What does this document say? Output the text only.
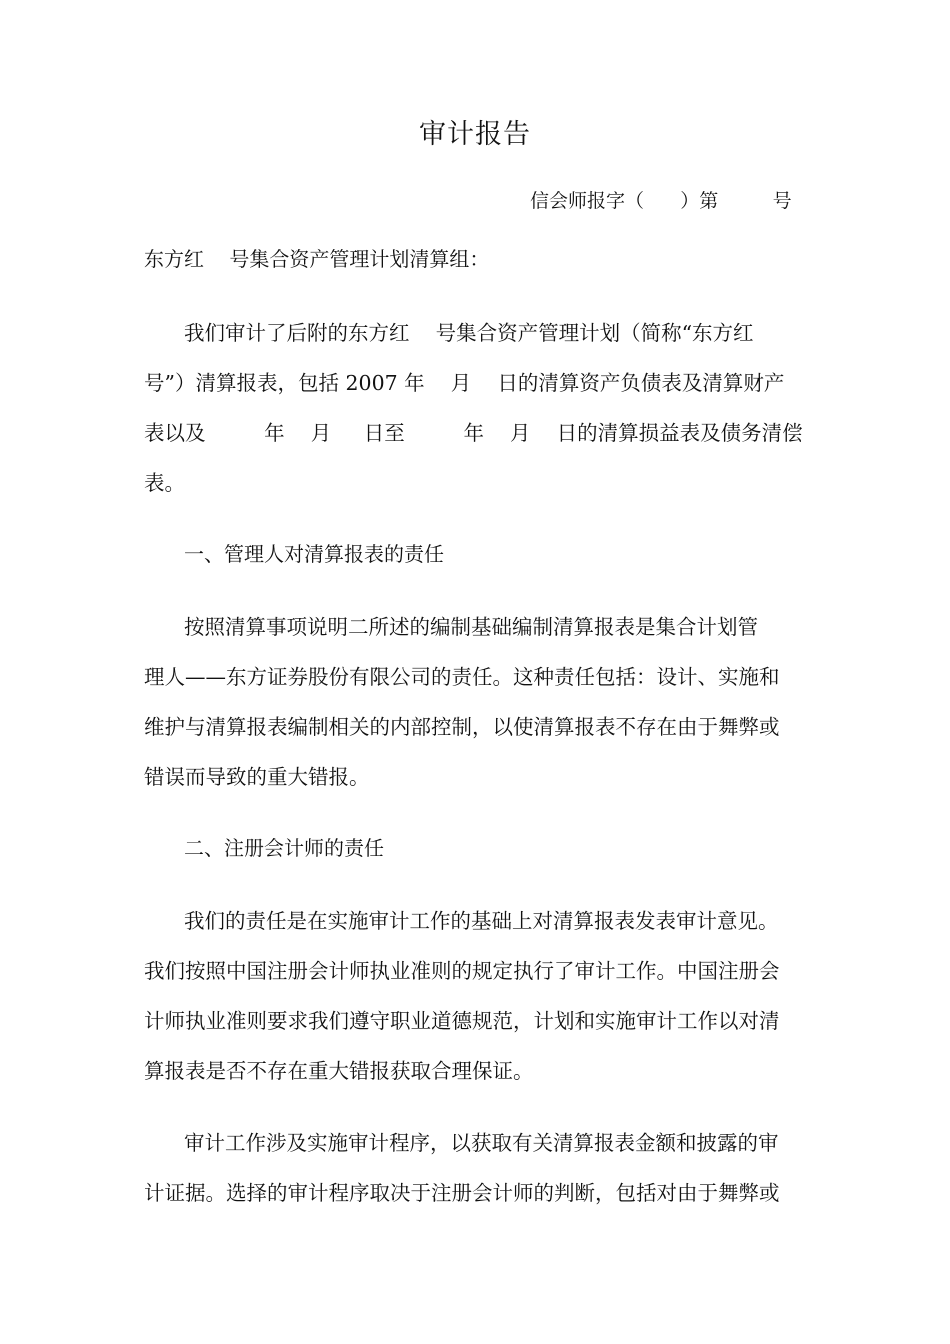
审计报告
信会师报字（      ）第         号
东方红    号集合资产管理计划清算组：
我们审计了后附的东方红    号集合资产管理计划（简称“东方红
号”）清算报表，包括 2007 年    月    日的清算资产负债表及清算财产
表以及         年    月     日至         年    月    日的清算损益表及债务清偿
表。
一、管理人对清算报表的责任
按照清算事项说明二所述的编制基础编制清算报表是集合计划管
理人——东方证券股份有限公司的责任。这种责任包括：设计、实施和
维护与清算报表编制相关的内部控制，以使清算报表不存在由于舞弊或
错误而导致的重大错报。
二、注册会计师的责任
我们的责任是在实施审计工作的基础上对清算报表发表审计意见。
我们按照中国注册会计师执业准则的规定执行了审计工作。中国注册会
计师执业准则要求我们遵守职业道德规范，计划和实施审计工作以对清
算报表是否不存在重大错报获取合理保证。
审计工作涉及实施审计程序，以获取有关清算报表金额和披露的审
计证据。选择的审计程序取决于注册会计师的判断，包括对由于舞弊或
